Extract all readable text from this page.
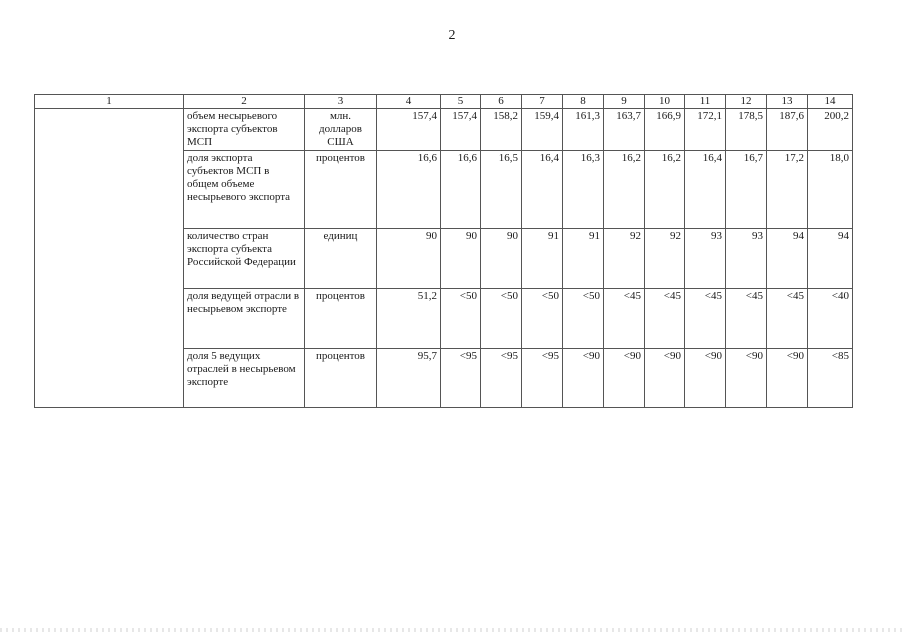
2
1	2	3	4	5	6	7	8	9	10	11	12	13	14
	объем несырьевого экспорта субъектов МСП	млн. долларов США	157,4	157,4	158,2	159,4	161,3	163,7	166,9	172,1	178,5	187,6	200,2
	доля экспорта субъектов МСП в общем объеме несырьевого экспорта	процентов	16,6	16,6	16,5	16,4	16,3	16,2	16,2	16,4	16,7	17,2	18,0
	количество стран экспорта субъекта Российской Федерации	единиц	90	90	90	91	91	92	92	93	93	94	94
	доля ведущей отрасли в несырьевом экспорте	процентов	51,2	<50	<50	<50	<50	<45	<45	<45	<45	<45	<40
	доля 5 ведущих отраслей в несырьевом экспорте	процентов	95,7	<95	<95	<95	<90	<90	<90	<90	<90	<90	<85
